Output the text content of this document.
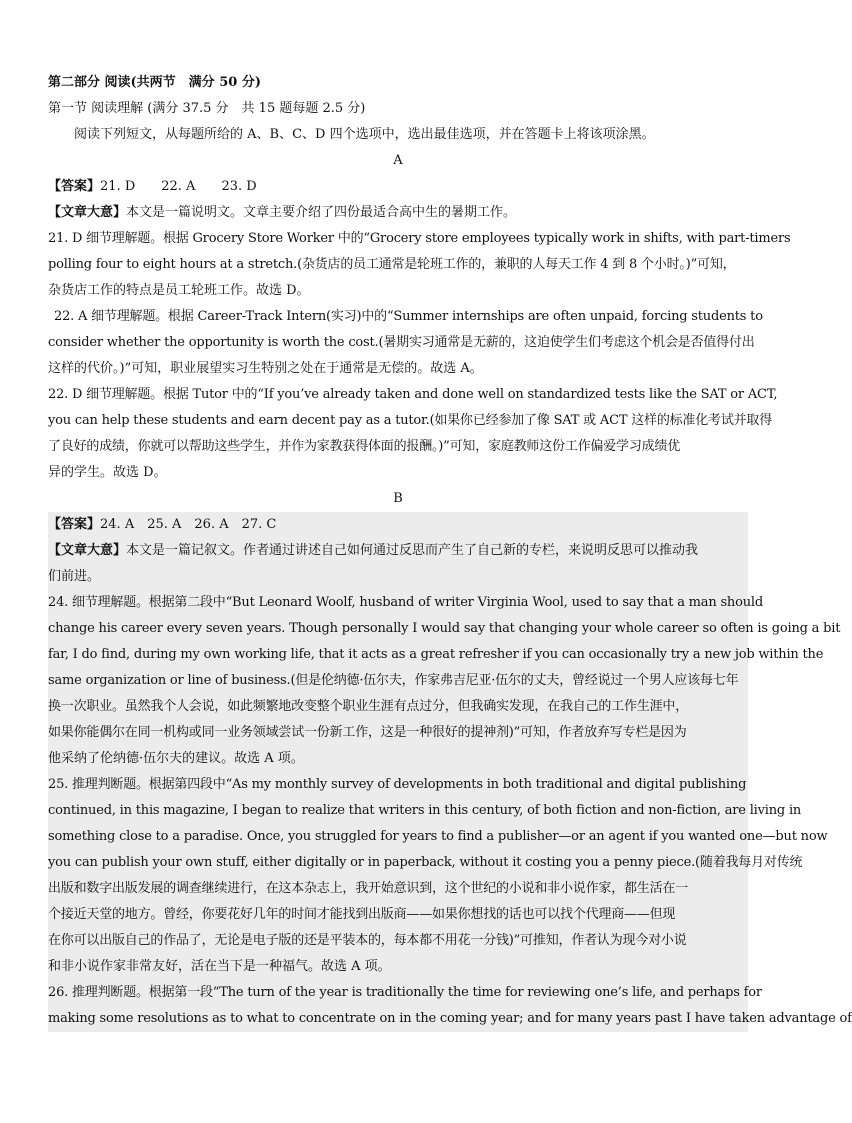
第二部分 阅读(共两节　满分 50 分)
第一节 阅读理解 (满分 37.5 分　共 15 题每题 2.5 分)
阅读下列短文，从每题所给的 A、B、C、D 四个选项中，选出最佳选项，并在答题卡上将该项涂黑。
A
【答案】21. D　　22. A　　23. D
【文章大意】本文是一篇说明文。文章主要介绍了四份最适合高中生的暑期工作。
21. D 细节理解题。根据 Grocery Store Worker 中的“Grocery store employees typically work in shifts, with part-timers
polling four to eight hours at a stretch.(杂货店的员工通常是轮班工作的，兼职的人每天工作 4 到 8 个小时。)”可知，
杂货店工作的特点是员工轮班工作。故选 D。
22. A 细节理解题。根据 Career-Track Intern(实习)中的“Summer internships are often unpaid, forcing students to
consider whether the opportunity is worth the cost.(暑期实习通常是无薪的，这迫使学生们考虑这个机会是否值得付出
这样的代价。)”可知，职业展望实习生特别之处在于通常是无偿的。故选 A。
22. D 细节理解题。根据 Tutor 中的“If you’ve already taken and done well on standardized tests like the SAT or ACT,
you can help these students and earn decent pay as a tutor.(如果你已经参加了像 SAT 或 ACT 这样的标准化考试并取得
了良好的成绩，你就可以帮助这些学生，并作为家教获得体面的报酬。)”可知，家庭教师这份工作偏爱学习成绩优
异的学生。故选 D。
B
【答案】24. A　25. A　26. A　27. C
【文章大意】本文是一篇记叙文。作者通过讲述自己如何通过反思而产生了自己新的专栏，来说明反思可以推动我
们前进。
24. 细节理解题。根据第二段中“But Leonard Woolf, husband of writer Virginia Wool, used to say that a man should
change his career every seven years. Though personally I would say that changing your whole career so often is going a bit
far, I do find, during my own working life, that it acts as a great refresher if you can occasionally try a new job within the
same organization or line of business.(但是伦纳德·伍尔夫，作家弗吉尼亚·伍尔的丈夫，曾经说过一个男人应该每七年
换一次职业。虽然我个人会说，如此频繁地改变整个职业生涯有点过分，但我确实发现，在我自己的工作生涯中，
如果你能偶尔在同一机构或同一业务领域尝试一份新工作，这是一种很好的提神剂)”可知，作者放弃写专栏是因为
他采纳了伦纳德·伍尔夫的建议。故选 A 项。
25. 推理判断题。根据第四段中“As my monthly survey of developments in both traditional and digital publishing
continued, in this magazine, I began to realize that writers in this century, of both fiction and non-fiction, are living in
something close to a paradise. Once, you struggled for years to find a publisher—or an agent if you wanted one—but now
you can publish your own stuff, either digitally or in paperback, without it costing you a penny piece.(随着我每月对传统
出版和数字出版发展的调查继续进行，在这本杂志上，我开始意识到，这个世纪的小说和非小说作家，都生活在一
个接近天堂的地方。曾经，你要花好几年的时间才能找到出版商——如果你想找的话也可以找个代理商——但现
在你可以出版自己的作品了，无论是电子版的还是平装本的，每本都不用花一分钱)”可推知，作者认为现今对小说
和非小说作家非常友好，活在当下是一种福气。故选 A 项。
26. 推理判断题。根据第一段“The turn of the year is traditionally the time for reviewing one’s life, and perhaps for
making some resolutions as to what to concentrate on in the coming year; and for many years past I have taken advantage of
